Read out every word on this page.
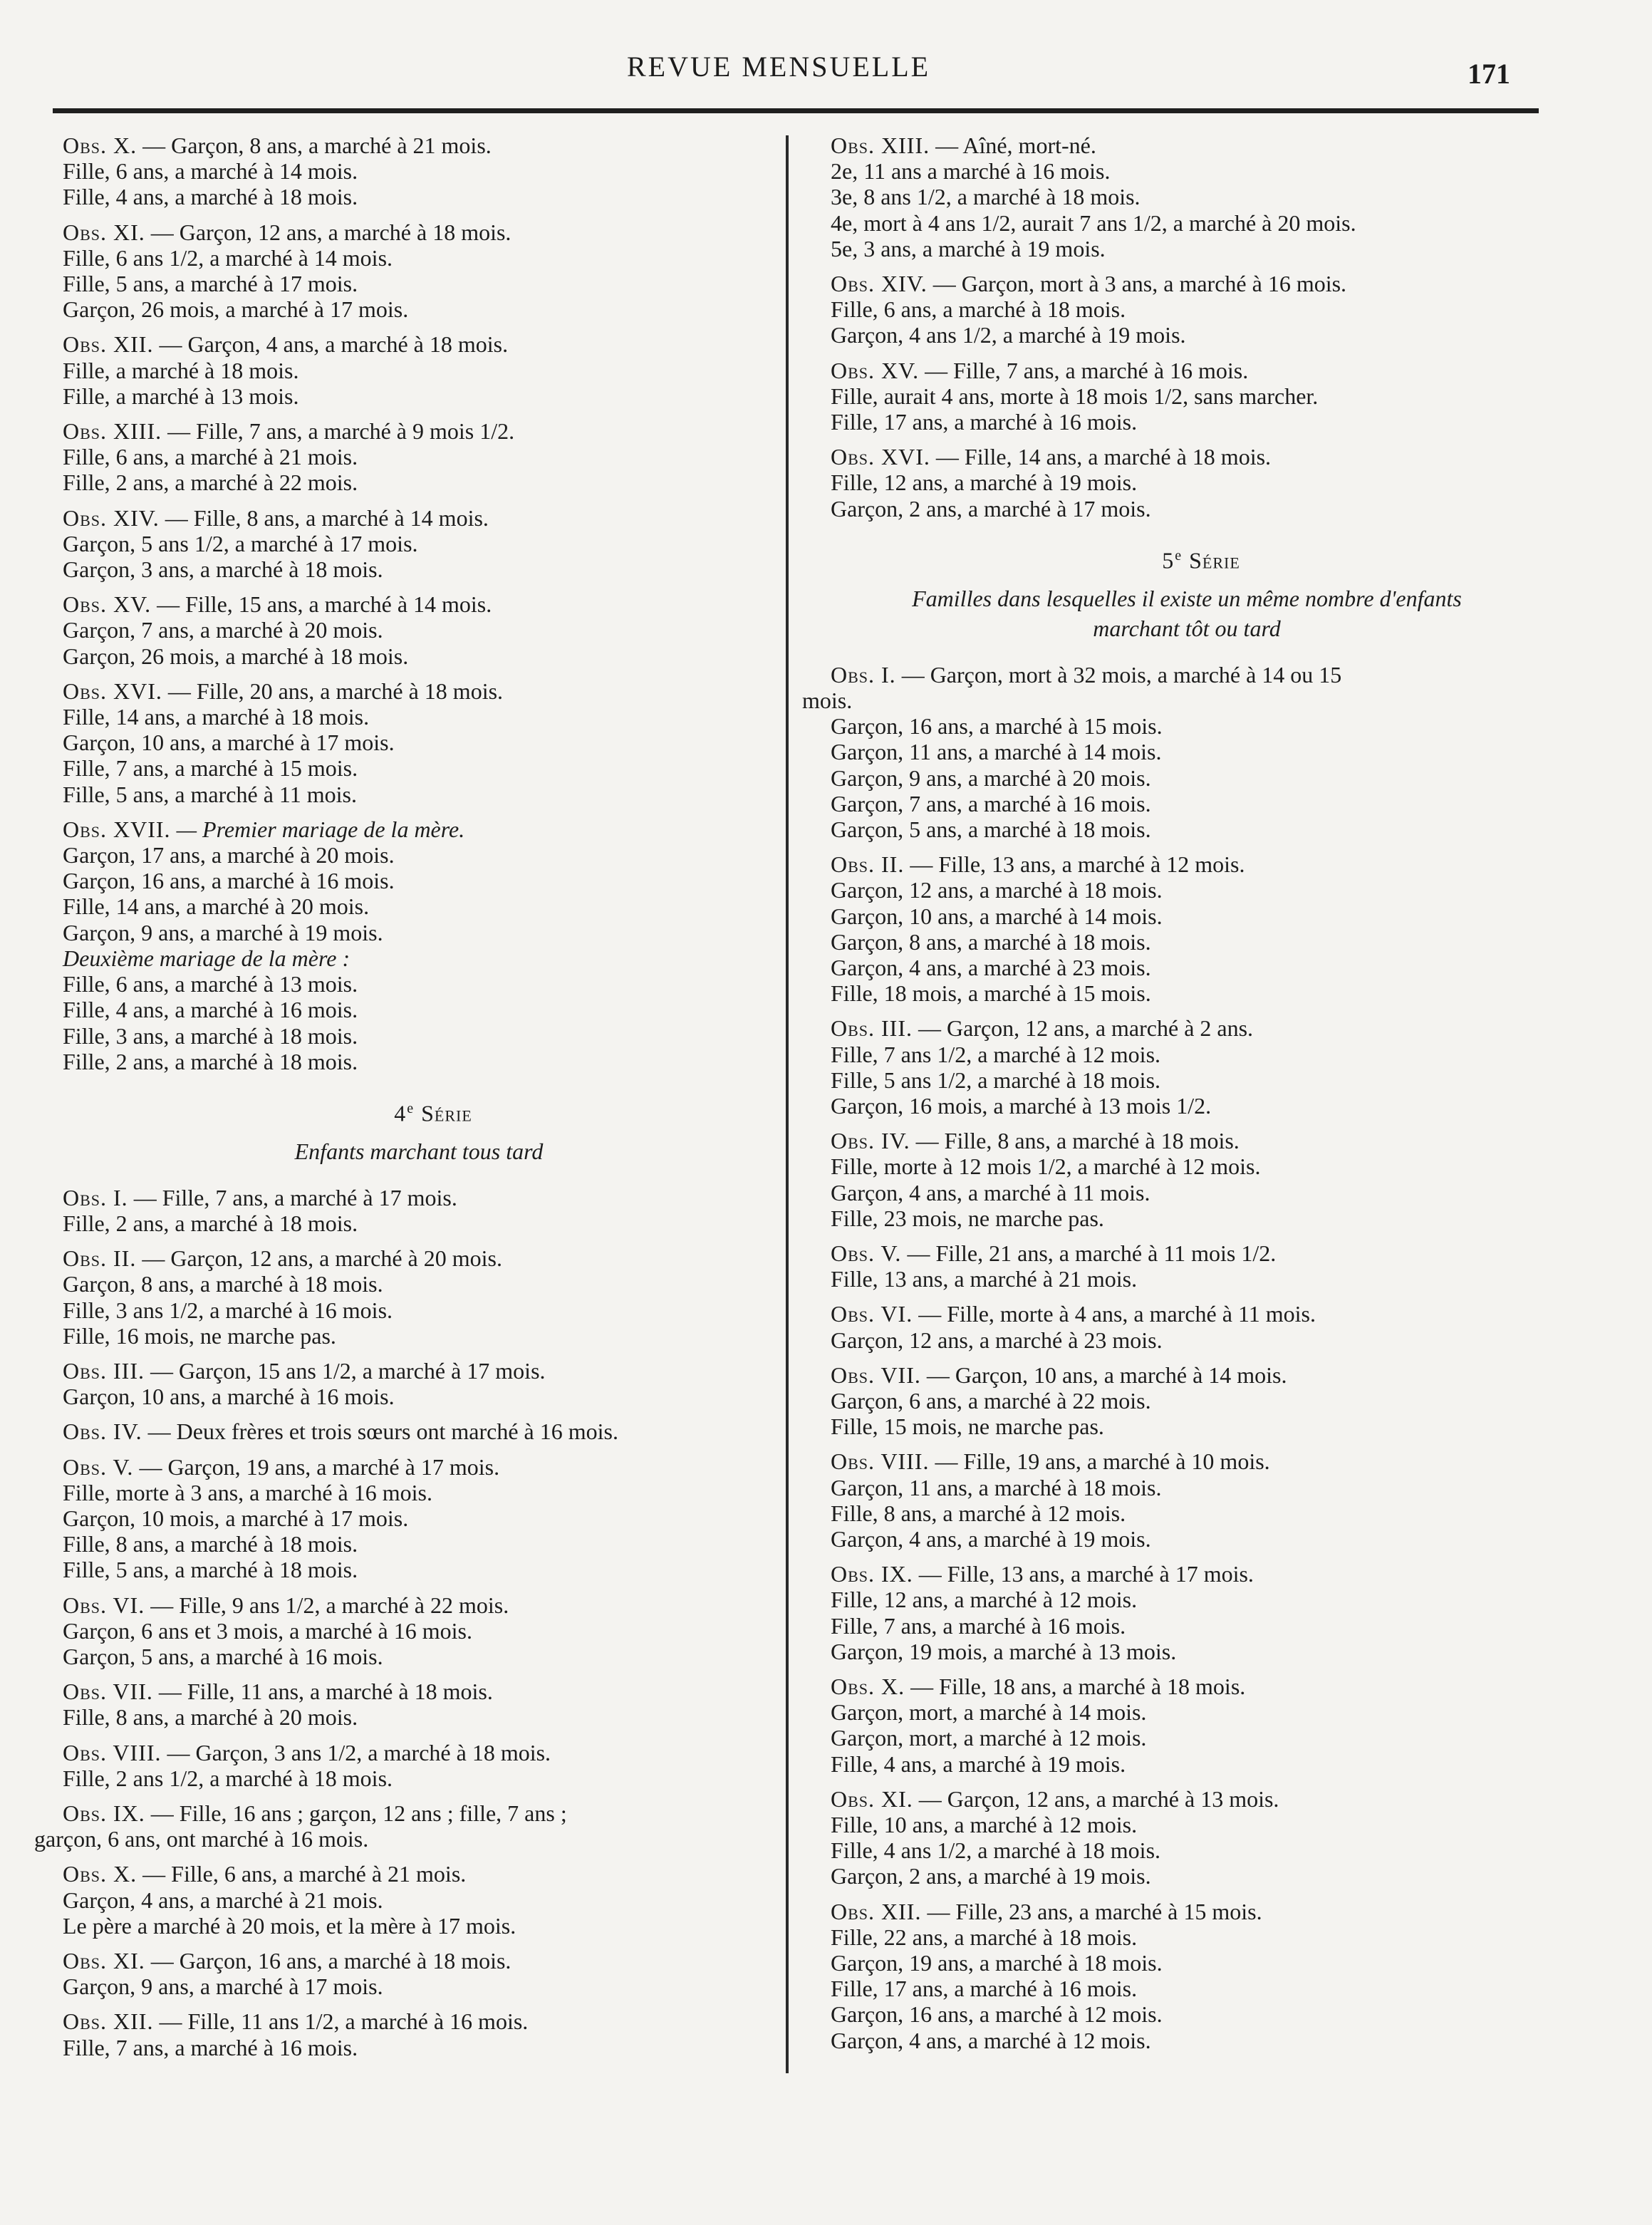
REVUE MENSUELLE	171
Obs. X. — Garçon, 8 ans, a marché à 21 mois.
Fille, 6 ans, a marché à 14 mois.
Fille, 4 ans, a marché à 18 mois.
Obs. XI. — Garçon, 12 ans, a marché à 18 mois.
Fille, 6 ans 1/2, a marché à 14 mois.
Fille, 5 ans, a marché à 17 mois.
Garçon, 26 mois, a marché à 17 mois.
Obs. XII. — Garçon, 4 ans, a marché à 18 mois.
Fille, a marché à 18 mois.
Fille, a marché à 13 mois.
Obs. XIII. — Fille, 7 ans, a marché à 9 mois 1/2.
Fille, 6 ans, a marché à 21 mois.
Fille, 2 ans, a marché à 22 mois.
Obs. XIV. — Fille, 8 ans, a marché à 14 mois.
Garçon, 5 ans 1/2, a marché à 17 mois.
Garçon, 3 ans, a marché à 18 mois.
Obs. XV. — Fille, 15 ans, a marché à 14 mois.
Garçon, 7 ans, a marché à 20 mois.
Garçon, 26 mois, a marché à 18 mois.
Obs. XVI. — Fille, 20 ans, a marché à 18 mois.
Fille, 14 ans, a marché à 18 mois.
Garçon, 10 ans, a marché à 17 mois.
Fille, 7 ans, a marché à 15 mois.
Fille, 5 ans, a marché à 11 mois.
Obs. XVII. — Premier mariage de la mère.
Garçon, 17 ans, a marché à 20 mois.
Garçon, 16 ans, a marché à 16 mois.
Fille, 14 ans, a marché à 20 mois.
Garçon, 9 ans, a marché à 19 mois.
Deuxième mariage de la mère :
Fille, 6 ans, a marché à 13 mois.
Fille, 4 ans, a marché à 16 mois.
Fille, 3 ans, a marché à 18 mois.
Fille, 2 ans, a marché à 18 mois.
4e Série
Enfants marchant tous tard
Obs. I. — Fille, 7 ans, a marché à 17 mois.
Fille, 2 ans, a marché à 18 mois.
Obs. II. — Garçon, 12 ans, a marché à 20 mois.
Garçon, 8 ans, a marché à 18 mois.
Fille, 3 ans 1/2, a marché à 16 mois.
Fille, 16 mois, ne marche pas.
Obs. III. — Garçon, 15 ans 1/2, a marché à 17 mois.
Garçon, 10 ans, a marché à 16 mois.
Obs. IV. — Deux frères et trois sœurs ont marché à 16 mois.
Obs. V. — Garçon, 19 ans, a marché à 17 mois.
Fille, morte à 3 ans, a marché à 16 mois.
Garçon, 10 mois, a marché à 17 mois.
Fille, 8 ans, a marché à 18 mois.
Fille, 5 ans, a marché à 18 mois.
Obs. VI. — Fille, 9 ans 1/2, a marché à 22 mois.
Garçon, 6 ans et 3 mois, a marché à 16 mois.
Garçon, 5 ans, a marché à 16 mois.
Obs. VII. — Fille, 11 ans, a marché à 18 mois.
Fille, 8 ans, a marché à 20 mois.
Obs. VIII. — Garçon, 3 ans 1/2, a marché à 18 mois.
Fille, 2 ans 1/2, a marché à 18 mois.
Obs. IX. — Fille, 16 ans ; garçon, 12 ans ; fille, 7 ans ;
garçon, 6 ans, ont marché à 16 mois.
Obs. X. — Fille, 6 ans, a marché à 21 mois.
Garçon, 4 ans, a marché à 21 mois.
Le père a marché à 20 mois, et la mère à 17 mois.
Obs. XI. — Garçon, 16 ans, a marché à 18 mois.
Garçon, 9 ans, a marché à 17 mois.
Obs. XII. — Fille, 11 ans 1/2, a marché à 16 mois.
Fille, 7 ans, a marché à 16 mois.
Obs. XIII. — Aîné, mort-né.
2e, 11 ans a marché à 16 mois.
3e, 8 ans 1/2, a marché à 18 mois.
4e, mort à 4 ans 1/2, aurait 7 ans 1/2, a marché à 20 mois.
5e, 3 ans, a marché à 19 mois.
Obs. XIV. — Garçon, mort à 3 ans, a marché à 16 mois.
Fille, 6 ans, a marché à 18 mois.
Garçon, 4 ans 1/2, a marché à 19 mois.
Obs. XV. — Fille, 7 ans, a marché à 16 mois.
Fille, aurait 4 ans, morte à 18 mois 1/2, sans marcher.
Fille, 17 ans, a marché à 16 mois.
Obs. XVI. — Fille, 14 ans, a marché à 18 mois.
Fille, 12 ans, a marché à 19 mois.
Garçon, 2 ans, a marché à 17 mois.
5e Série
Familles dans lesquelles il existe un même nombre d'enfants marchant tôt ou tard
Obs. I. — Garçon, mort à 32 mois, a marché à 14 ou 15
mois.
Garçon, 16 ans, a marché à 15 mois.
Garçon, 11 ans, a marché à 14 mois.
Garçon, 9 ans, a marché à 20 mois.
Garçon, 7 ans, a marché à 16 mois.
Garçon, 5 ans, a marché à 18 mois.
Obs. II. — Fille, 13 ans, a marché à 12 mois.
Garçon, 12 ans, a marché à 18 mois.
Garçon, 10 ans, a marché à 14 mois.
Garçon, 8 ans, a marché à 18 mois.
Garçon, 4 ans, a marché à 23 mois.
Fille, 18 mois, a marché à 15 mois.
Obs. III. — Garçon, 12 ans, a marché à 2 ans.
Fille, 7 ans 1/2, a marché à 12 mois.
Fille, 5 ans 1/2, a marché à 18 mois.
Garçon, 16 mois, a marché à 13 mois 1/2.
Obs. IV. — Fille, 8 ans, a marché à 18 mois.
Fille, morte à 12 mois 1/2, a marché à 12 mois.
Garçon, 4 ans, a marché à 11 mois.
Fille, 23 mois, ne marche pas.
Obs. V. — Fille, 21 ans, a marché à 11 mois 1/2.
Fille, 13 ans, a marché à 21 mois.
Obs. VI. — Fille, morte à 4 ans, a marché à 11 mois.
Garçon, 12 ans, a marché à 23 mois.
Obs. VII. — Garçon, 10 ans, a marché à 14 mois.
Garçon, 6 ans, a marché à 22 mois.
Fille, 15 mois, ne marche pas.
Obs. VIII. — Fille, 19 ans, a marché à 10 mois.
Garçon, 11 ans, a marché à 18 mois.
Fille, 8 ans, a marché à 12 mois.
Garçon, 4 ans, a marché à 19 mois.
Obs. IX. — Fille, 13 ans, a marché à 17 mois.
Fille, 12 ans, a marché à 12 mois.
Fille, 7 ans, a marché à 16 mois.
Garçon, 19 mois, a marché à 13 mois.
Obs. X. — Fille, 18 ans, a marché à 18 mois.
Garçon, mort, a marché à 14 mois.
Garçon, mort, a marché à 12 mois.
Fille, 4 ans, a marché à 19 mois.
Obs. XI. — Garçon, 12 ans, a marché à 13 mois.
Fille, 10 ans, a marché à 12 mois.
Fille, 4 ans 1/2, a marché à 18 mois.
Garçon, 2 ans, a marché à 19 mois.
Obs. XII. — Fille, 23 ans, a marché à 15 mois.
Fille, 22 ans, a marché à 18 mois.
Garçon, 19 ans, a marché à 18 mois.
Fille, 17 ans, a marché à 16 mois.
Garçon, 16 ans, a marché à 12 mois.
Garçon, 4 ans, a marché à 12 mois.
